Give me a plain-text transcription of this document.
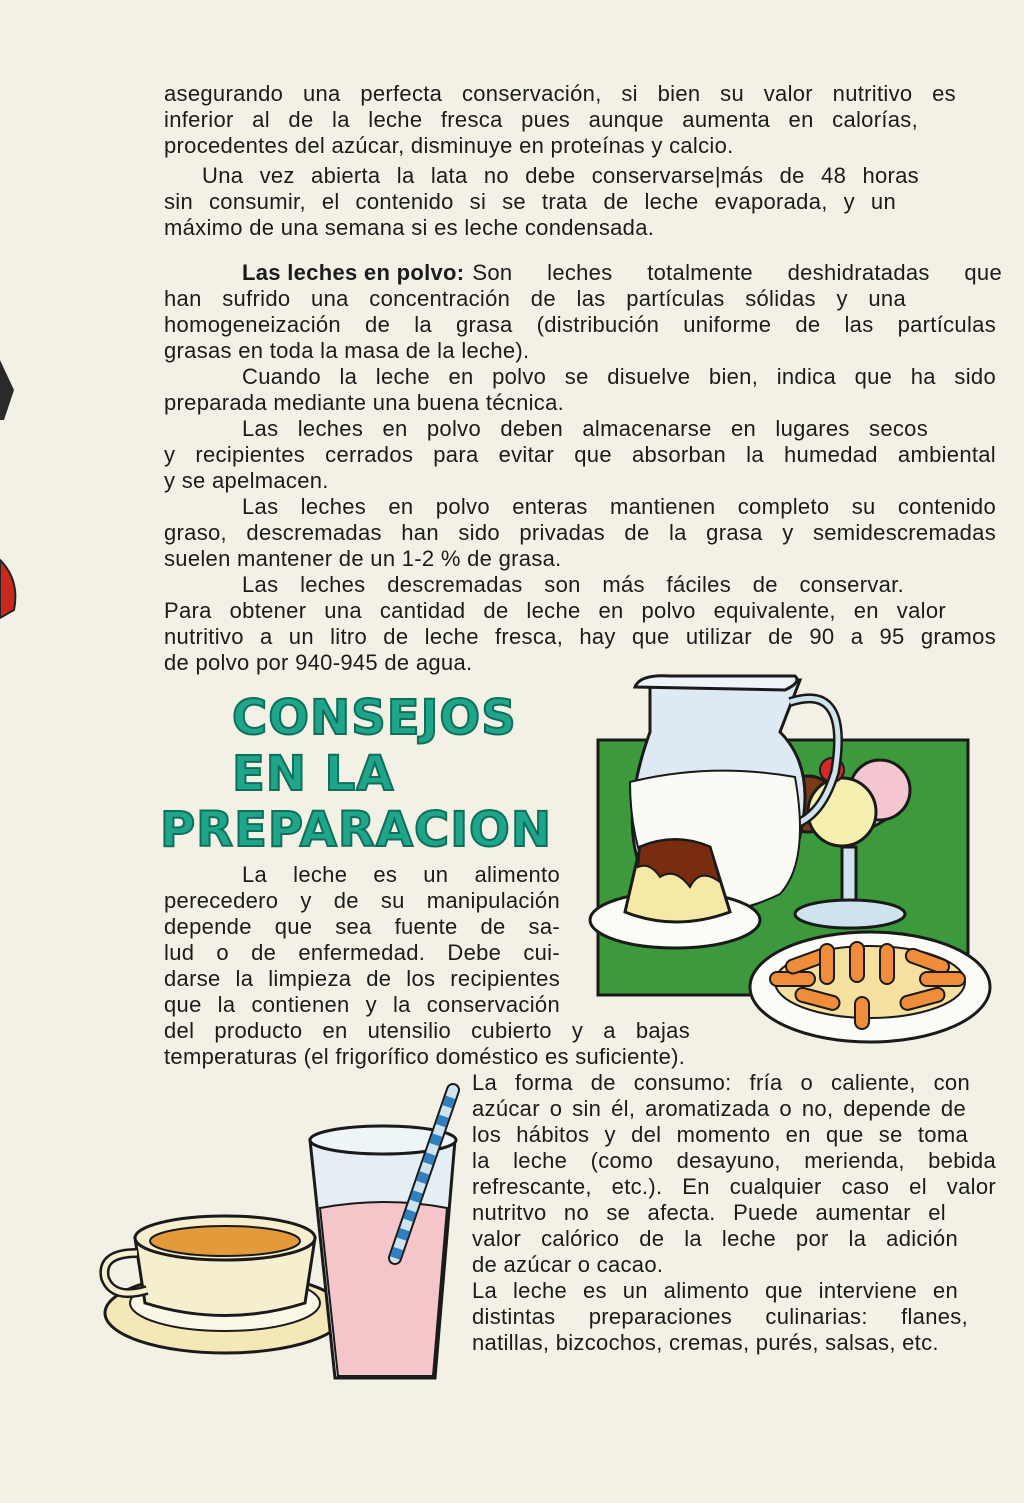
asegurando una perfecta conservación, si bien su valor nutritivo es

inferior al de la leche fresca pues aunque aumenta en calorías,

procedentes del azúcar, disminuye en proteínas y calcio.

Una vez abierta la lata no debe conservarse|más de 48 horas

sin consumir, el contenido si se trata de leche evaporada, y un

máximo de una semana si es leche condensada.

Las leches en polvo: Son leches totalmente deshidratadas que

han sufrido una concentración de las partículas sólidas y una

homogeneización de la grasa (distribución uniforme de las partículas

grasas en toda la masa de la leche).

Cuando la leche en polvo se disuelve bien, indica que ha sido

preparada mediante una buena técnica.

Las leches en polvo deben almacenarse en lugares secos

y recipientes cerrados para evitar que absorban la humedad ambiental

y se apelmacen.

Las leches en polvo enteras mantienen completo su contenido

graso, descremadas han sido privadas de la grasa y semidescremadas

suelen mantener de un 1-2 % de grasa.

Las leches descremadas son más fáciles de conservar.

Para obtener una cantidad de leche en polvo equivalente, en valor

nutritivo a un litro de leche fresca, hay que utilizar de 90 a 95 gramos

de polvo por 940-945 de agua.

CONSEJOS
EN LA
PREPARACION

La leche es un alimento

perecedero y de su manipulación

depende que sea fuente de sa-

lud o de enfermedad. Debe cui-

darse la limpieza de los recipientes

que la contienen y la conservación

del producto en utensilio cubierto y a bajas

temperaturas (el frigorífico doméstico es suficiente).

La forma de consumo: fría o caliente, con

azúcar o sin él, aromatizada o no, depende de

los hábitos y del momento en que se toma

la leche (como desayuno, merienda, bebida

refrescante, etc.). En cualquier caso el valor

nutritvo no se afecta. Puede aumentar el

valor calórico de la leche por la adición

de azúcar o cacao.

La leche es un alimento que interviene en

distintas preparaciones culinarias: flanes,

natillas, bizcochos, cremas, purés, salsas, etc.
